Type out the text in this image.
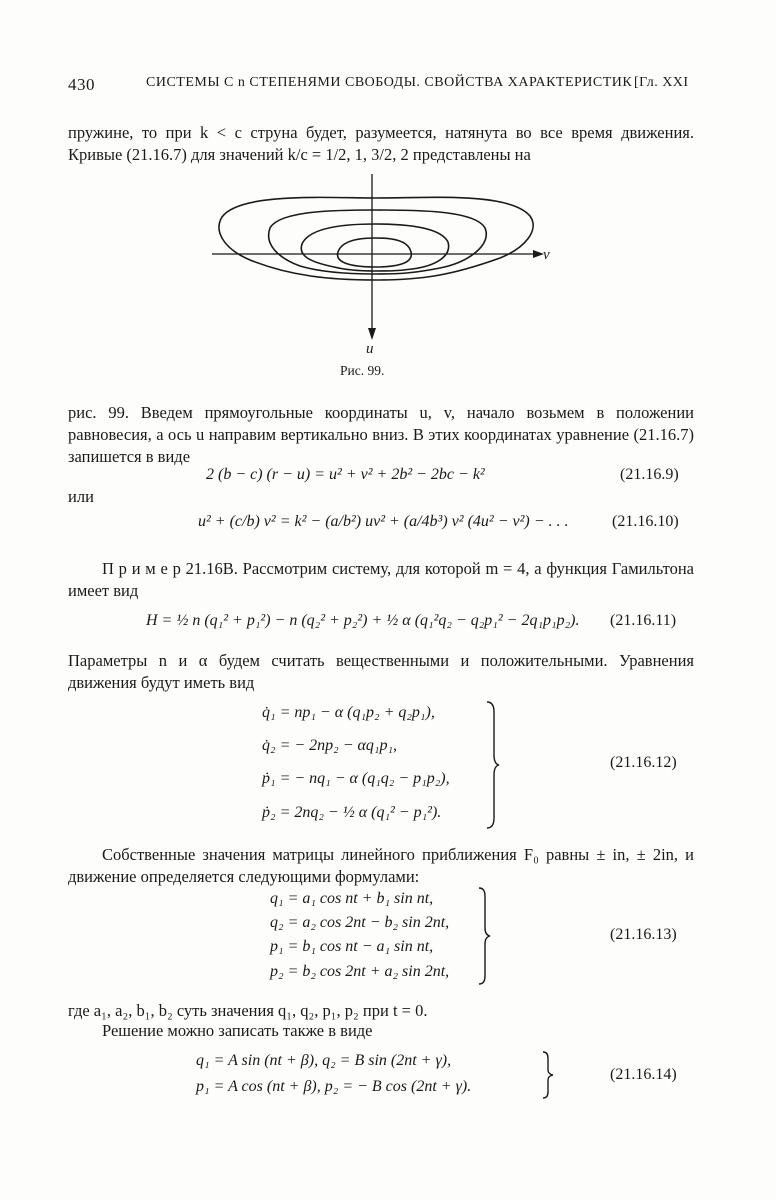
430	СИСТЕМЫ С n СТЕПЕНЯМИ СВОБОДЫ. СВОЙСТВА ХАРАКТЕРИСТИК [Гл. XXI
пружине, то при k < c струна будет, разумеется, натянута во все время движения. Кривые (21.16.7) для значений k/c = 1/2, 1, 3/2, 2 представлены на
v
u
Рис. 99.
рис. 99. Введем прямоугольные координаты u, v, начало возьмем в положении равновесия, а ось u направим вертикально вниз. В этих координатах уравнение (21.16.7) запишется в виде
2 (b − c) (r − u) = u² + v² + 2b² − 2bc − k²	(21.16.9)
или
u² + (c/b) v² = k² − (a/b²) uv² + (a/4b³) v² (4u² − v²) − . . .	(21.16.10)
П р и м е р 21.16В. Рассмотрим систему, для которой m = 4, а функция Гамильтона имеет вид
H = ½ n (q₁² + p₁²) − n (q₂² + p₂²) + ½ α (q₁²q₂ − q₂p₁² − 2q₁p₁p₂). (21.16.11)
Параметры n и α будем считать вещественными и положительными. Уравнения движения будут иметь вид
q̇₁ = np₁ − α (q₁p₂ + q₂p₁),
q̇₂ = − 2np₂ − αq₁p₁,
ṗ₁ = − nq₁ − α (q₁q₂ − p₁p₂),
ṗ₂ = 2nq₂ − ½ α (q₁² − p₁²).
(21.16.12)
Собственные значения матрицы линейного приближения F₀ равны ± in, ± 2in, и движение определяется следующими формулами:
q₁ = a₁ cos nt + b₁ sin nt,
q₂ = a₂ cos 2nt − b₂ sin 2nt,
p₁ = b₁ cos nt − a₁ sin nt,
p₂ = b₂ cos 2nt + a₂ sin 2nt,
(21.16.13)
где a₁, a₂, b₁, b₂ суть значения q₁, q₂, p₁, p₂ при t = 0.
Решение можно записать также в виде
q₁ = A sin (nt + β), q₂ = B sin (2nt + γ),
p₁ = A cos (nt + β), p₂ = − B cos (2nt + γ).
(21.16.14)
